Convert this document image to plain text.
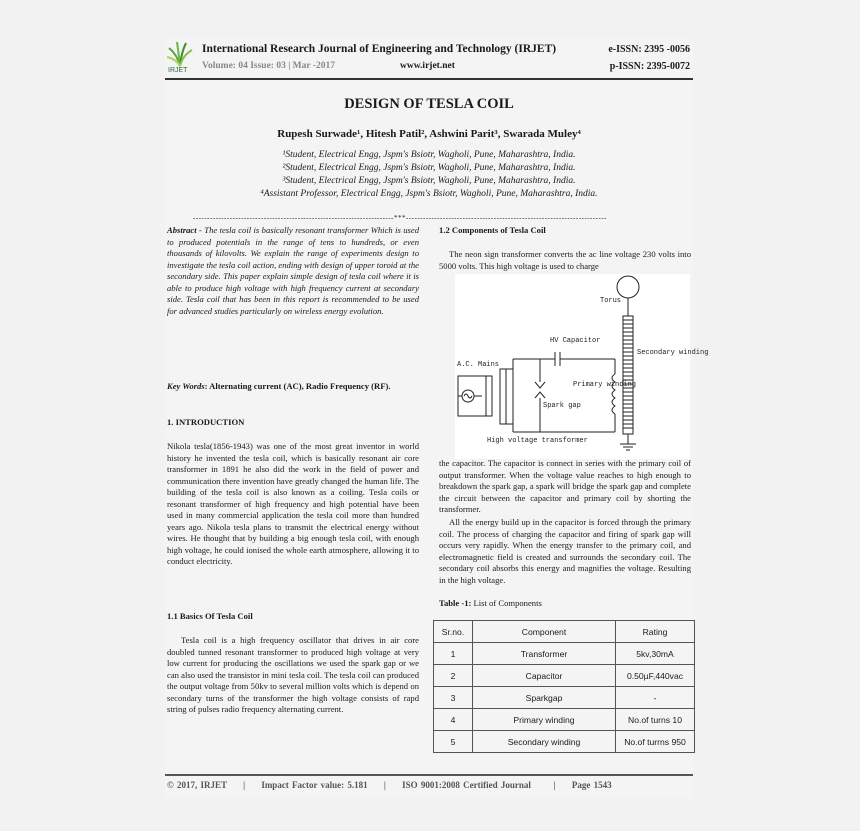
IRJET
International Research Journal of Engineering and Technology (IRJET)
Volume: 04 Issue: 03 | Mar -2017	www.irjet.net
e-ISSN: 2395 -0056
p-ISSN: 2395-0072
DESIGN OF TESLA COIL
Rupesh Surwade¹, Hitesh Patil², Ashwini Parit³, Swarada Muley⁴
¹Student, Electrical Engg, Jspm's Bsiotr, Wagholi, Pune, Maharashtra, India.
²Student, Electrical Engg, Jspm's Bsiotr, Wagholi, Pune, Maharashtra, India.
³Student, Electrical Engg, Jspm's Bsiotr, Wagholi, Pune, Maharashtra, India.
⁴Assistant Professor, Electrical Engg, Jspm's Bsiotr, Wagholi, Pune, Maharashtra, India.
-----------------------------------------------------------------------***-----------------------------------------------------------------------

Abstract - The tesla coil is basically resonant transformer Which is used to produced potentials in the range of tens to hundreds, or even thousands of kilovolts. We explain the range of experiments design to investigate the tesla coil action, ending with design of upper toroid at the secondary side. This paper explain simple design of tesla coil where it is able to produce high voltage with high frequency current at secondary side. Tesla coil that has been in this report is recommended to be used for advanced studies particularly on wireless energy evolution.

Key Words: Alternating current (AC), Radio Frequency (RF).

1. INTRODUCTION
Nikola tesla(1856-1943) was one of the most great inventor in world history he invented the tesla coil, which is basically resonant air core transformer in 1891 he also did the work in the field of power and communication there invention have greatly changed the human life. The building of the tesla coil is also known as a coiling. Tesla coils or resonant transformer of high frequency and high potential have been used in many commercial application the tesla coil more than hundred years ago. Nikola tesla plans to transmit the electrical energy without wires. He thought that by building a big enough tesla coil, with enough high voltage, he could ionised the whole earth atmosphere, allowing it to conduct electricity.
1.1 Basics Of Tesla Coil
Tesla coil is a high frequency oscillator that drives in air core doubled tunned resonant transformer to produced high voltage at very low current for producing the oscillations we used the spark gap or we can also used the transistor in mini tesla coil. The tesla coil can produced the output voltage from 50kv to several million volts which is depend on secondary turns of the transformer the high voltage consists of rapd string of pulses radio frequency alternating current.
1.2 Components of Tesla Coil
The neon sign transformer converts the ac line voltage 230 volts into 5000 volts. This high voltage is used to charge
Torus
HV Capacitor
Secondary winding
A.C. Mains
Primary winding
Spark gap
High voltage transformer
the capacitor. The capacitor is connect in series with the primary coil of output transformer. When the voltage value reaches to high enough to breakdown the spark gap, a spark will bridge the spark gap and complete the circuit between the capacitor and primary coil by shorting the transformer.
All the energy build up in the capacitor is forced through the primary coil. The process of charging the capacitor and firing of spark gap will occurs very rapidly. When the energy transfer to the primary coil, and electromagnetic field is created and surrounds the secondary coil. The secondary coil absorbs this energy and magnifies the voltage. Resulting in the high voltage.
Table -1: List of Components
Sr.no.	Component	Rating
1	Transformer	5kv,30mA
2	Capacitor	0.50µF,440vac
3	Sparkgap	-
4	Primary winding	No.of turns 10
5	Secondary winding	No.of turrns 950
© 2017, IRJET | Impact Factor value: 5.181 | ISO 9001:2008 Certified Journal	| Page 1543
